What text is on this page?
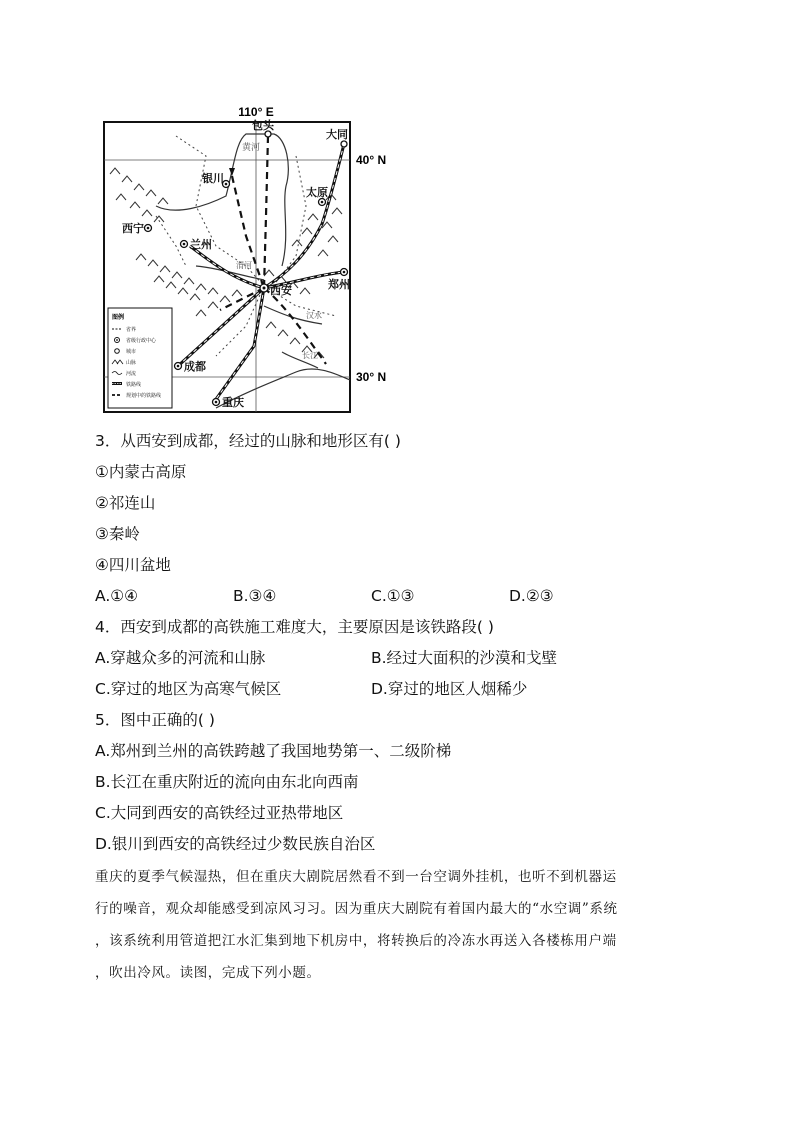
110° E
40° N
30° N
黄河
渭河
汉水
长江
包头
大同
银川
太原
西宁
兰州
西安	郑州
成都
重庆
图例
省界
省级行政中心
城市
山脉
河流
铁路线
规划中的铁路线
3．从西安到成都，经过的山脉和地形区有( )
①内蒙古高原
②祁连山
③秦岭
④四川盆地
A.①④	B.③④	C.①③	D.②③
4．西安到成都的高铁施工难度大，主要原因是该铁路段( )
A.穿越众多的河流和山脉	B.经过大面积的沙漠和戈壁
C.穿过的地区为高寒气候区	D.穿过的地区人烟稀少
5．图中正确的( )
A.郑州到兰州的高铁跨越了我国地势第一、二级阶梯
B.长江在重庆附近的流向由东北向西南
C.大同到西安的高铁经过亚热带地区
D.银川到西安的高铁经过少数民族自治区
重庆的夏季气候湿热，但在重庆大剧院居然看不到一台空调外挂机，也听不到机器运
行的噪音，观众却能感受到凉风习习。因为重庆大剧院有着国内最大的“水空调”系统
，该系统利用管道把江水汇集到地下机房中，将转换后的冷冻水再送入各楼栋用户端
，吹出冷风。读图，完成下列小题。
